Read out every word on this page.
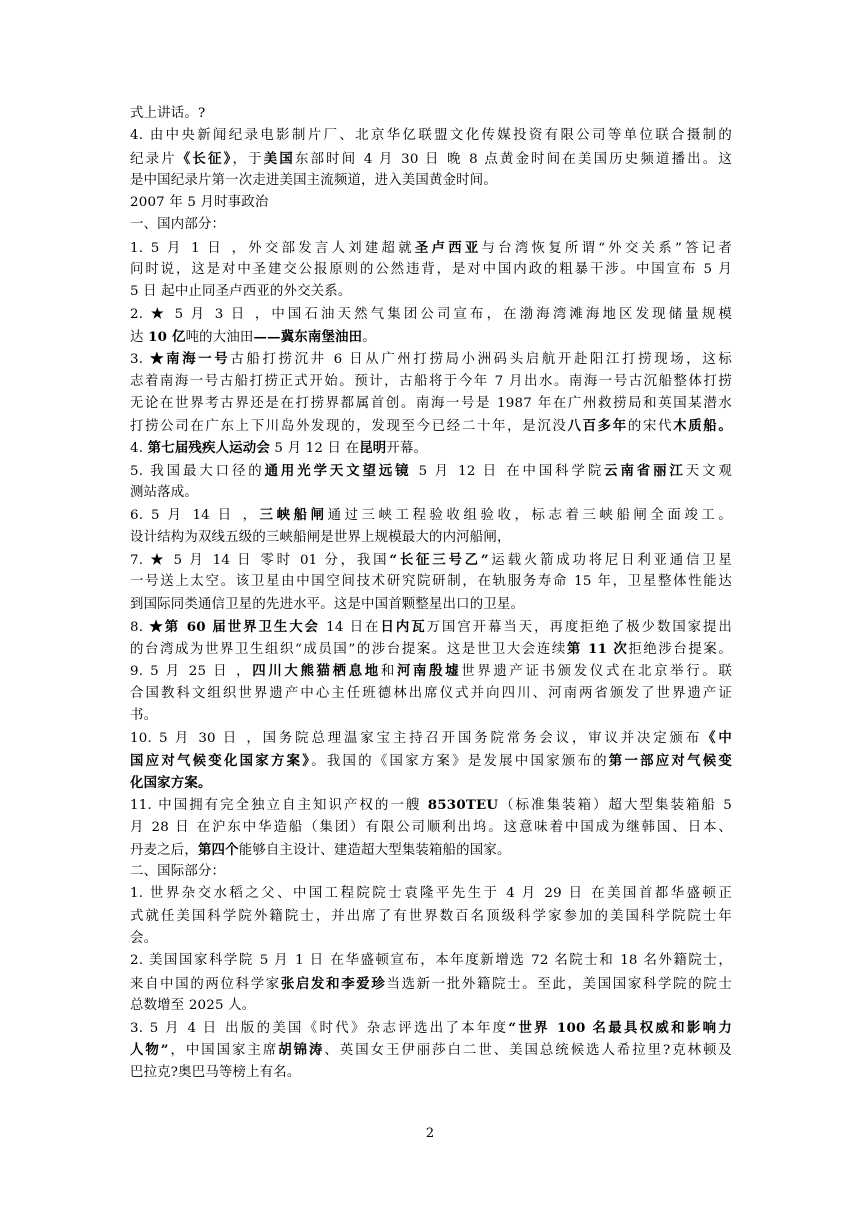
式上讲话。?
4. 由中央新闻纪录电影制片厂、北京华亿联盟文化传媒投资有限公司等单位联合摄制的
纪录片《长征》，于美国东部时间 4 月 30 日 晚 8 点黄金时间在美国历史频道播出。这
是中国纪录片第一次走进美国主流频道，进入美国黄金时间。
2007 年 5 月时事政治
一、国内部分：
1. 5 月 1 日 ，外交部发言人刘建超就圣卢西亚与台湾恢复所谓“外交关系”答记者
问时说，这是对中圣建交公报原则的公然违背，是对中国内政的粗暴干涉。中国宣布 5 月
5 日 起中止同圣卢西亚的外交关系。
2. ★ 5 月 3 日 ，中国石油天然气集团公司宣布，在渤海湾滩海地区发现储量规模
达 10 亿吨的大油田——冀东南堡油田。
3. ★南海一号古船打捞沉井 6 日从广州打捞局小洲码头启航开赴阳江打捞现场，这标
志着南海一号古船打捞正式开始。预计，古船将于今年 7 月出水。南海一号古沉船整体打捞
无论在世界考古界还是在打捞界都属首创。南海一号是 1987 年在广州救捞局和英国某潜水
打捞公司在广东上下川岛外发现的，发现至今已经二十年，是沉没八百多年的宋代木质船。
4. 第七届残疾人运动会 5 月 12 日 在昆明开幕。
5. 我国最大口径的通用光学天文望远镜 5 月 12 日 在中国科学院云南省丽江天文观
测站落成。
6. 5 月 14 日 ，三峡船闸通过三峡工程验收组验收，标志着三峡船闸全面竣工。
设计结构为双线五级的三峡船闸是世界上规模最大的内河船闸，
7. ★ 5 月 14 日 零时 01 分，我国“长征三号乙”运载火箭成功将尼日利亚通信卫星
一号送上太空。该卫星由中国空间技术研究院研制，在轨服务寿命 15 年，卫星整体性能达
到国际同类通信卫星的先进水平。这是中国首颗整星出口的卫星。
8. ★第 60 届世界卫生大会 14 日在日内瓦万国宫开幕当天，再度拒绝了极少数国家提出
的台湾成为世界卫生组织“成员国”的涉台提案。这是世卫大会连续第 11 次拒绝涉台提案。
9. 5 月 25 日 ，四川大熊猫栖息地和河南殷墟世界遗产证书颁发仪式在北京举行。联
合国教科文组织世界遗产中心主任班德林出席仪式并向四川、河南两省颁发了世界遗产证
书。
10. 5 月 30 日 ，国务院总理温家宝主持召开国务院常务会议，审议并决定颁布《中
国应对气候变化国家方案》。我国的《国家方案》是发展中国家颁布的第一部应对气候变
化国家方案。
11. 中国拥有完全独立自主知识产权的一艘 8530TEU（标准集装箱）超大型集装箱船 5
月 28 日 在沪东中华造船（集团）有限公司顺利出坞。这意味着中国成为继韩国、日本、
丹麦之后，第四个能够自主设计、建造超大型集装箱船的国家。
二、国际部分：
1. 世界杂交水稻之父、中国工程院院士袁隆平先生于 4 月 29 日 在美国首都华盛顿正
式就任美国科学院外籍院士，并出席了有世界数百名顶级科学家参加的美国科学院院士年
会。
2. 美国国家科学院 5 月 1 日 在华盛顿宣布，本年度新增选 72 名院士和 18 名外籍院士，
来自中国的两位科学家张启发和李爱珍当选新一批外籍院士。至此，美国国家科学院的院士
总数增至 2025 人。
3. 5 月 4 日 出版的美国《时代》杂志评选出了本年度“世界 100 名最具权威和影响力
人物”，中国国家主席胡锦涛、英国女王伊丽莎白二世、美国总统候选人希拉里?克林顿及
巴拉克?奥巴马等榜上有名。
2
